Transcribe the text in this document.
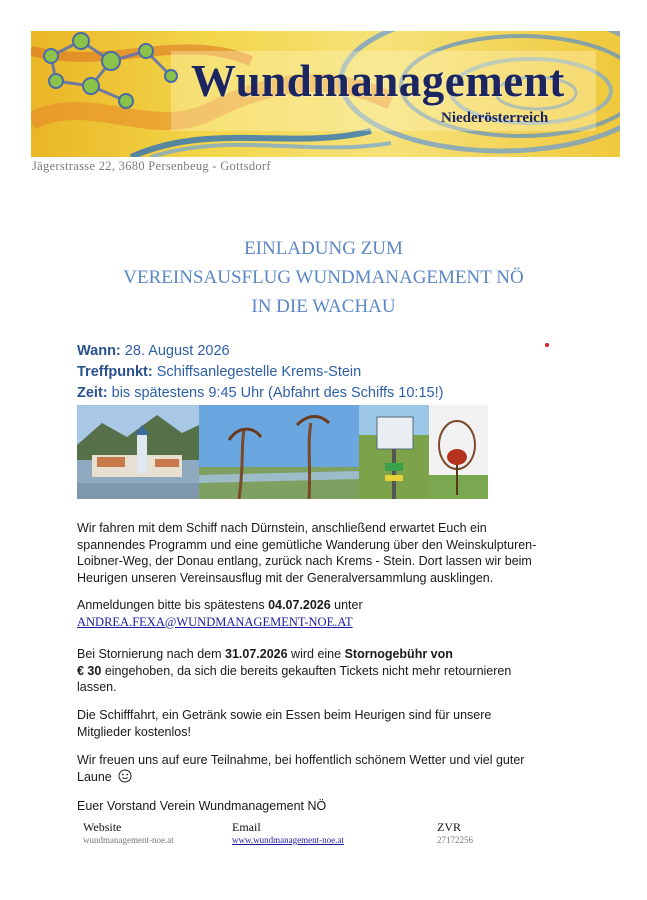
Wundmanagement
Niederösterreich
Jägerstrasse 22, 3680 Persenbeug - Gottsdorf
EINLADUNG ZUM
VEREINSAUSFLUG WUNDMANAGEMENT NÖ
IN DIE WACHAU
Wann: 28. August 2026
Treffpunkt: Schiffsanlegestelle Krems-Stein
Zeit: bis spätestens 9:45 Uhr (Abfahrt des Schiffs 10:15!)

Wir fahren mit dem Schiff nach Dürnstein, anschließend erwartet Euch ein spannendes Programm und eine gemütliche Wanderung über den Weinskulpturen-Loibner-Weg, der Donau entlang, zurück nach Krems - Stein. Dort lassen wir beim Heurigen unseren Vereinsausflug mit der Generalversammlung ausklingen.

Anmeldungen bitte bis spätestens 04.07.2026 unter

ANDREA.FEXA@WUNDMANAGEMENT-NOE.AT

Bei Stornierung nach dem 31.07.2026 wird eine Stornogebühr von
€ 30 eingehoben, da sich die bereits gekauften Tickets nicht mehr retournieren lassen.

Die Schifffahrt, ein Getränk sowie ein Essen beim Heurigen sind für unsere Mitglieder kostenlos!

Wir freuen uns auf eure Teilnahme, bei hoffentlich schönem Wetter und viel guter Laune

Euer Vorstand Verein Wundmanagement NÖ

Website
wundmanagement-noe.at
Email
www.wundmanagement-noe.at
ZVR
27172256
